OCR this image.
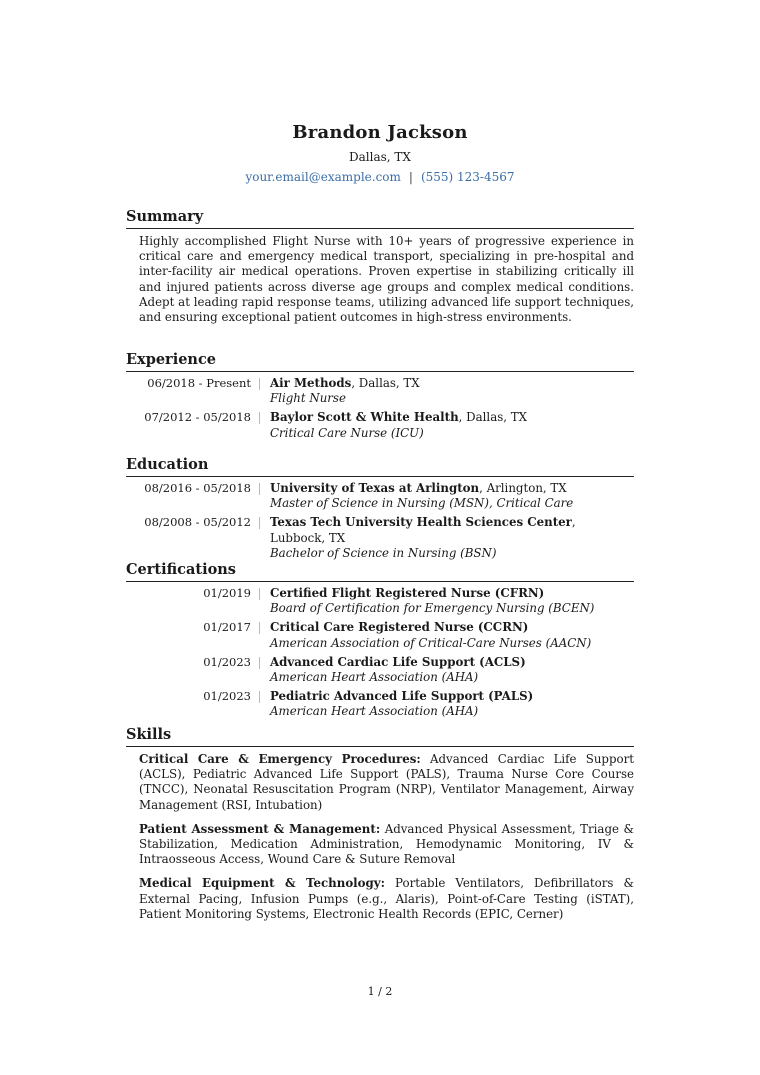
Brandon Jackson
Dallas, TX
your.email@example.com | (555) 123-4567
Summary
Highly accomplished Flight Nurse with 10+ years of progressive experience in critical care and emergency medical transport, specializing in pre-hospital and inter-facility air medical operations. Proven expertise in stabilizing critically ill and injured patients across diverse age groups and complex medical conditions. Adept at leading rapid response teams, utilizing advanced life support techniques, and ensuring exceptional patient outcomes in high-stress environments.
Experience
06/2018 - Present	Air Methods, Dallas, TX
Flight Nurse
07/2012 - 05/2018	Baylor Scott & White Health, Dallas, TX
Critical Care Nurse (ICU)
Education
08/2016 - 05/2018	University of Texas at Arlington, Arlington, TX
Master of Science in Nursing (MSN), Critical Care
08/2008 - 05/2012	Texas Tech University Health Sciences Center, Lubbock, TX
Bachelor of Science in Nursing (BSN)
Certifications
01/2019	Certified Flight Registered Nurse (CFRN)
Board of Certification for Emergency Nursing (BCEN)
01/2017	Critical Care Registered Nurse (CCRN)
American Association of Critical-Care Nurses (AACN)
01/2023	Advanced Cardiac Life Support (ACLS)
American Heart Association (AHA)
01/2023	Pediatric Advanced Life Support (PALS)
American Heart Association (AHA)
Skills
Critical Care & Emergency Procedures: Advanced Cardiac Life Support (ACLS), Pediatric Advanced Life Support (PALS), Trauma Nurse Core Course (TNCC), Neonatal Resuscitation Program (NRP), Ventilator Management, Airway Management (RSI, Intubation)
Patient Assessment & Management: Advanced Physical Assessment, Triage & Stabilization, Medication Administration, Hemodynamic Monitoring, IV & Intraosseous Access, Wound Care & Suture Removal
Medical Equipment & Technology: Portable Ventilators, Defibrillators & External Pacing, Infusion Pumps (e.g., Alaris), Point-of-Care Testing (iSTAT), Patient Monitoring Systems, Electronic Health Records (EPIC, Cerner)
1 / 2
